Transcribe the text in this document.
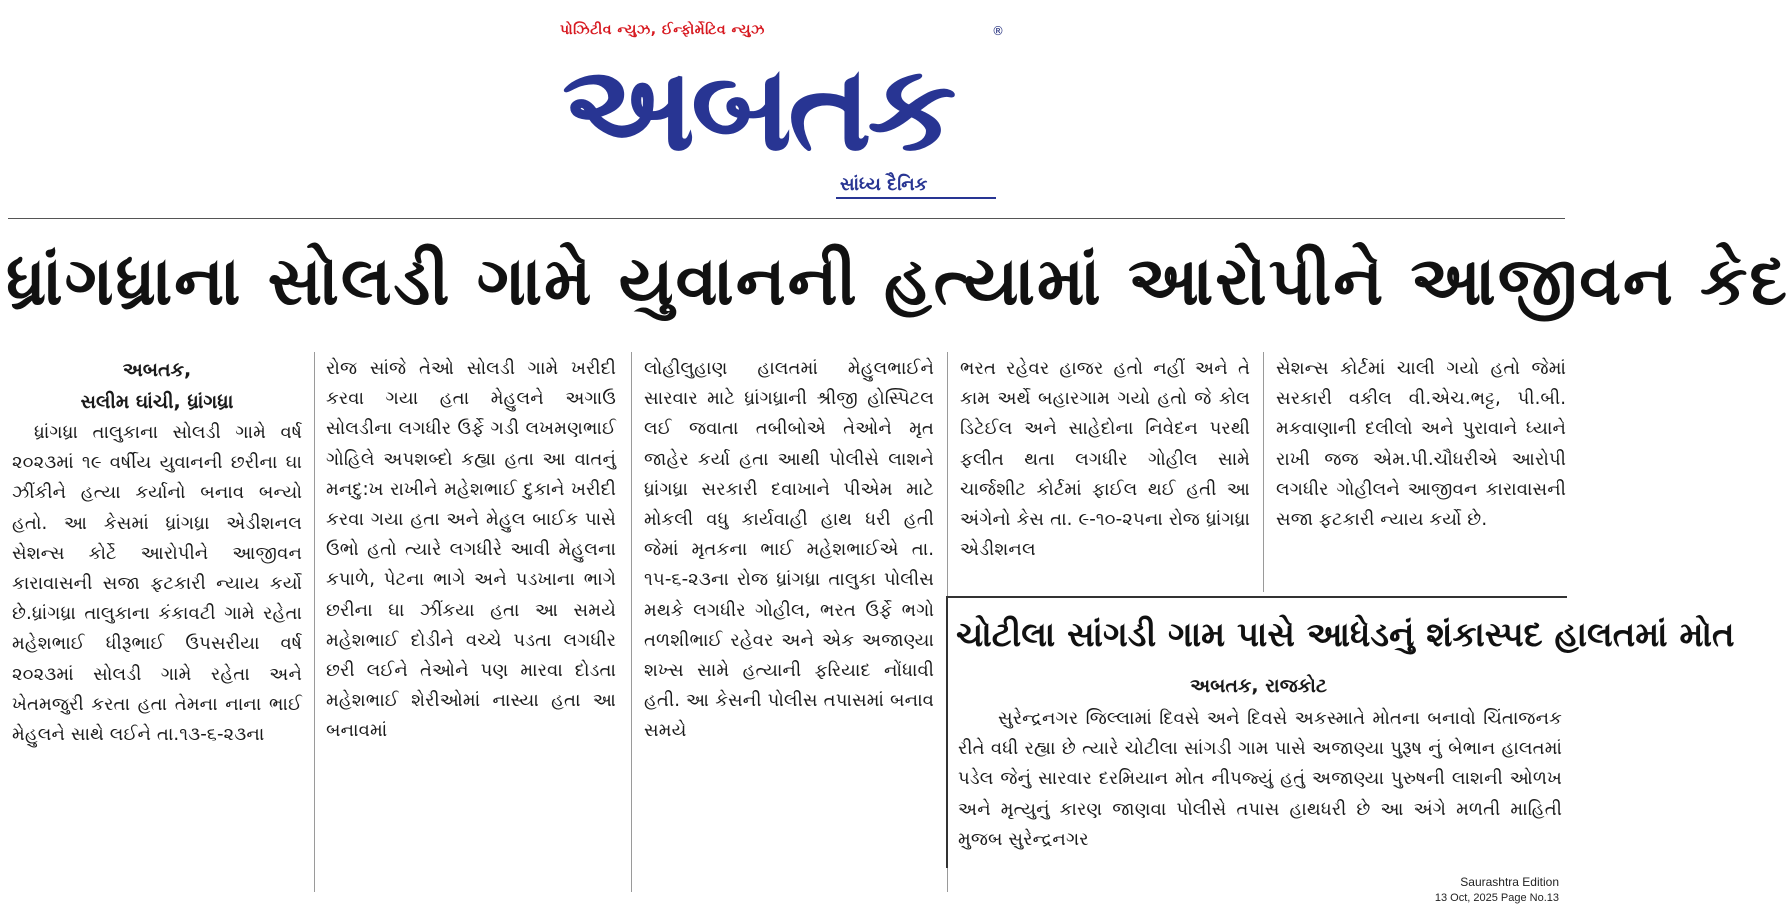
પોઝિટીવ ન્યુઝ, ઈન્ફોર્મેટિવ ન્યુઝ	®
અબતક
સાંધ્ય દૈનિક
ધ્રાંગધ્રાના સોલડી ગામે યુવાનની હત્યામાં આરોપીને આજીવન કેદ
અબતક,
સલીમ ઘાંચી, ધ્રાંગધ્રા

ધ્રાંગધ્રા તાલુકાના સોલડી ગામે વર્ષ ૨૦૨૩માં ૧૯ વર્ષીય યુવાનની છરીના ઘા ઝીંકીને હત્યા કર્યાનો બનાવ બન્યો હતો. આ કેસમાં ધ્રાંગધ્રા એડીશનલ સેશન્સ કોર્ટે આરોપીને આજીવન કારાવાસની સજા ફટકારી ન્યાય કર્યો છે.ધ્રાંગધ્રા તાલુકાના કંકાવટી ગામે રહેતા મહેશભાઈ ધીરૂભાઈ ઉપસરીયા વર્ષ ૨૦૨૩માં સોલડી ગામે રહેતા અને ખેતમજુરી કરતા હતા તેમના નાના ભાઈ મેહુલને સાથે લઈને તા.૧૩-૬-૨૩ના

રોજ સાંજે તેઓ સોલડી ગામે ખરીદી કરવા ગયા હતા મેહુલને અગાઉ સોલડીના લગધીર ઉર્ફે ગડી લખમણભાઈ ગોહિલે અપશબ્દો કહ્યા હતા આ વાતનું મનદુ:ખ રાખીને મહેશભાઈ દુકાને ખરીદી કરવા ગયા હતા અને મેહુલ બાઈક પાસે ઉભો હતો ત્યારે લગધીરે આવી મેહુલના કપાળે, પેટના ભાગે અને પડખાના ભાગે છરીના ઘા ઝીંકયા હતા આ સમયે મહેશભાઈ દોડીને વચ્ચે પડતા લગધીર છરી લઈને તેઓને પણ મારવા દોડતા મહેશભાઈ શેરીઓમાં નાસ્યા હતા આ બનાવમાં

લોહીલુહાણ હાલતમાં મેહુલભાઈને સારવાર માટે ધ્રાંગધ્રાની શ્રીજી હોસ્પિટલ લઈ જવાતા તબીબોએ તેઓને મૃત જાહેર કર્યા હતા આથી પોલીસે લાશને ધ્રાંગધ્રા સરકારી દવાખાને પીએમ માટે મોકલી વધુ કાર્યવાહી હાથ ધરી હતી જેમાં મૃતકના ભાઈ મહેશભાઈએ તા. ૧૫-૬-૨૩ના રોજ ધ્રાંગધ્રા તાલુકા પોલીસ મથકે લગધીર ગોહીલ, ભરત ઉર્ફે ભગો તળશીભાઈ રહેવર અને એક અજાણ્યા શખ્સ સામે હત્યાની ફરિયાદ નોંધાવી હતી. આ કેસની પોલીસ તપાસમાં બનાવ સમયે

ભરત રહેવર હાજર હતો નહીં અને તે કામ અર્થે બહારગામ ગયો હતો જે કોલ ડિટેઈલ અને સાહેદોના નિવેદન પરથી ફલીત થતા લગધીર ગોહીલ સામે ચાર્જશીટ કોર્ટમાં ફાઈલ થઈ હતી આ અંગેનો કેસ તા. ૯-૧૦-૨૫ના રોજ ધ્રાંગધ્રા એડીશનલ

સેશન્સ કોર્ટમાં ચાલી ગયો હતો જેમાં સરકારી વકીલ વી.એચ.ભટ્ટ, પી.બી. મકવાણાની દલીલો અને પુરાવાને ધ્યાને રાખી જજ એમ.પી.ચૌધરીએ આરોપી લગધીર ગોહીલને આજીવન કારાવાસની સજા ફટકારી ન્યાય કર્યો છે.

ચોટીલા સાંગડી ગામ પાસે આધેડનું શંકાસ્પદ હાલતમાં મોત
અબતક, રાજકોટ

સુરેન્દ્રનગર જિલ્લામાં દિવસે અને દિવસે અકસ્માતે મોતના બનાવો ચિંતાજનક રીતે વધી રહ્યા છે ત્યારે ચોટીલા સાંગડી ગામ પાસે અજાણ્યા પુરૂષ નું બેભાન હાલતમાં પડેલ જેનું સારવાર દરમિયાન મોત નીપજ્યું હતું અજાણ્યા પુરુષની લાશની ઓળખ અને મૃત્યુનું કારણ જાણવા પોલીસે તપાસ હાથધરી છે આ અંગે મળતી માહિતી મુજબ સુરેન્દ્રનગર

Saurashtra Edition
13 Oct, 2025 Page No.13
